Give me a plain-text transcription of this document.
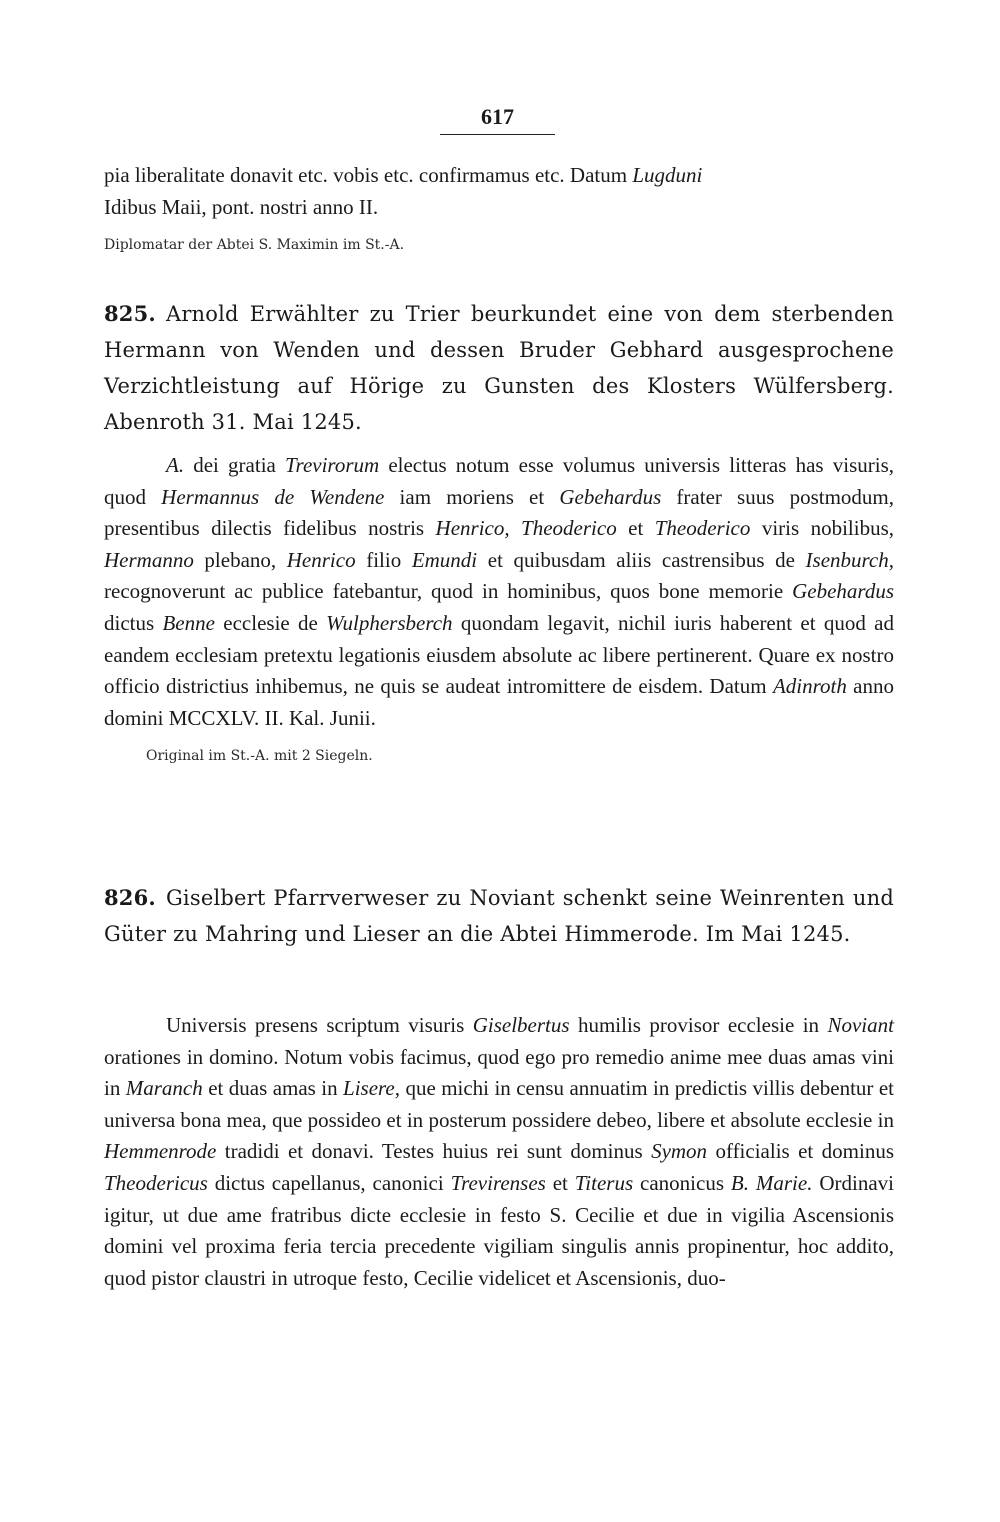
617

pia liberalitate donavit etc. vobis etc. confirmamus etc. Datum Lugduni
Idibus Maii, pont. nostri anno II.

Diplomatar der Abtei S. Maximin im St.-A.

825. Arnold Erwählter zu Trier beurkundet eine von dem sterbenden Hermann von Wenden und dessen Bruder Gebhard ausgesprochene Verzichtleistung auf Hörige zu Gunsten des Klosters Wülfersberg. Abenroth 31. Mai 1245.

A. dei gratia Trevirorum electus notum esse volumus universis litteras has visuris, quod Hermannus de Wendene iam moriens et Gebehardus frater suus postmodum, presentibus dilectis fidelibus nostris Henrico, Theoderico et Theoderico viris nobilibus, Hermanno plebano, Henrico filio Emundi et quibusdam aliis castrensibus de Isenburch, recognoverunt ac publice fatebantur, quod in hominibus, quos bone memorie Gebehardus dictus Benne ecclesie de Wulphersberch quondam legavit, nichil iuris haberent et quod ad eandem ecclesiam pretextu legationis eiusdem absolute ac libere pertinerent. Quare ex nostro officio districtius inhibemus, ne quis se audeat intromittere de eisdem. Datum Adinroth anno domini MCCXLV. II. Kal. Junii.

Original im St.-A. mit 2 Siegeln.

826. Giselbert Pfarrverweser zu Noviant schenkt seine Weinrenten und Güter zu Mahring und Lieser an die Abtei Himmerode. Im Mai 1245.

Universis presens scriptum visuris Giselbertus humilis provisor ecclesie in Noviant orationes in domino. Notum vobis facimus, quod ego pro remedio anime mee duas amas vini in Maranch et duas amas in Lisere, que michi in censu annuatim in predictis villis debentur et universa bona mea, que possideo et in posterum possidere debeo, libere et absolute ecclesie in Hemmenrode tradidi et donavi. Testes huius rei sunt dominus Symon officialis et dominus Theodericus dictus capellanus, canonici Trevirenses et Titerus canonicus B. Marie. Ordinavi igitur, ut due ame fratribus dicte ecclesie in festo S. Cecilie et due in vigilia Ascensionis domini vel proxima feria tercia precedente vigiliam singulis annis propinentur, hoc addito, quod pistor claustri in utroque festo, Cecilie videlicet et Ascensionis, duo-
